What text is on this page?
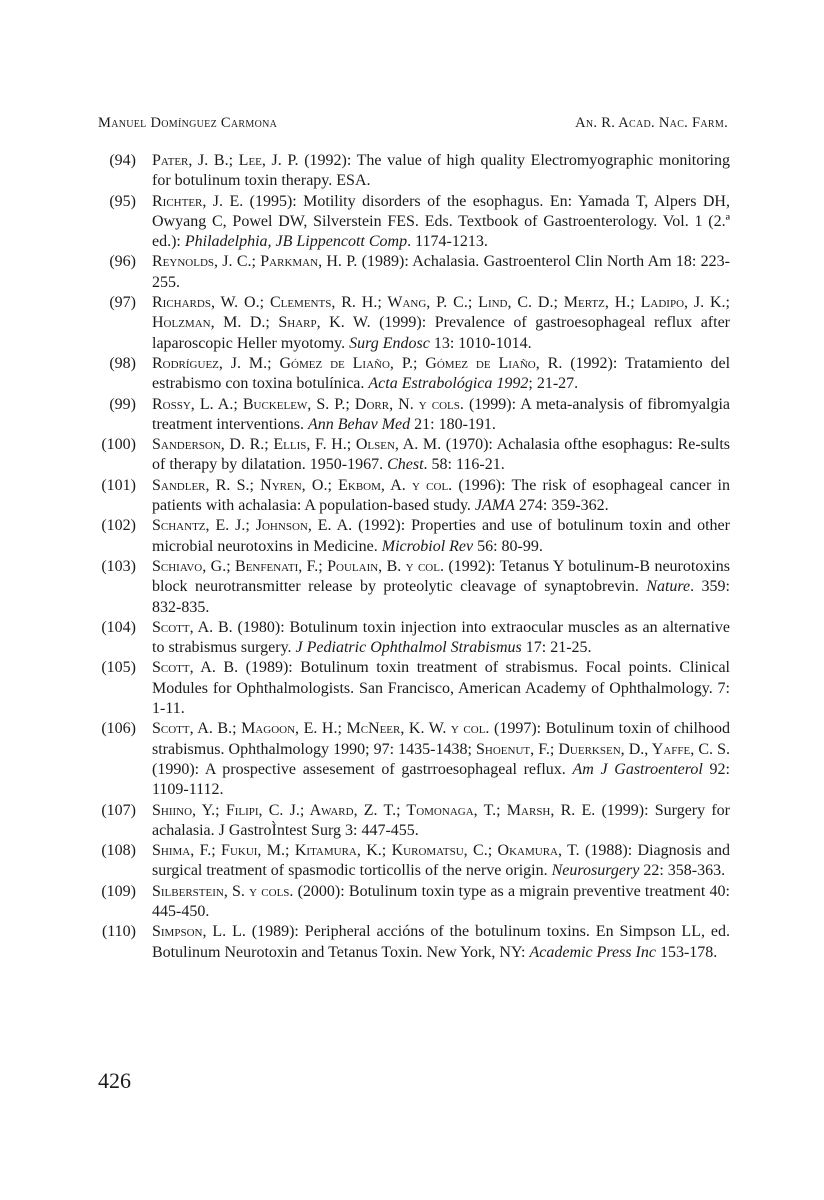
Manuel Domínguez Carmona	An. R. Acad. Nac. Farm.
(94)	Pater, J. B.; Lee, J. P. (1992): The value of high quality Electromyographic monitoring for botulinum toxin therapy. ESA.
(95)	Richter, J. E. (1995): Motility disorders of the esophagus. En: Yamada T, Alpers DH, Owyang C, Powel DW, Silverstein FES. Eds. Textbook of Gastroenterology. Vol. 1 (2.ª ed.): Philadelphia, JB Lippencott Comp. 1174-1213.
(96)	Reynolds, J. C.; Parkman, H. P. (1989): Achalasia. Gastroenterol Clin North Am 18: 223-255.
(97)	Richards, W. O.; Clements, R. H.; Wang, P. C.; Lind, C. D.; Mertz, H.; Ladipo, J. K.; Holzman, M. D.; Sharp, K. W. (1999): Prevalence of gastroesophageal reflux after laparoscopic Heller myotomy. Surg Endosc 13: 1010-1014.
(98)	Rodríguez, J. M.; Gómez de Liaño, P.; Gómez de Liaño, R. (1992): Tratamiento del estrabismo con toxina botulínica. Acta Estrabológica 1992; 21-27.
(99)	Rossy, L. A.; Buckelew, S. P.; Dorr, N. y cols. (1999): A meta-analysis of fibromyalgia treatment interventions. Ann Behav Med 21: 180-191.
(100)	Sanderson, D. R.; Ellis, F. H.; Olsen, A. M. (1970): Achalasia ofthe esophagus: Re-sults of therapy by dilatation. 1950-1967. Chest. 58: 116-21.
(101)	Sandler, R. S.; Nyren, O.; Ekbom, A. y col. (1996): The risk of esophageal cancer in patients with achalasia: A population-based study. JAMA 274: 359-362.
(102)	Schantz, E. J.; Johnson, E. A. (1992): Properties and use of botulinum toxin and other microbial neurotoxins in Medicine. Microbiol Rev 56: 80-99.
(103)	Schiavo, G.; Benfenati, F.; Poulain, B. y col. (1992): Tetanus Y botulinum-B neurotoxins block neurotransmitter release by proteolytic cleavage of synaptobrevin. Nature. 359: 832-835.
(104)	Scott, A. B. (1980): Botulinum toxin injection into extraocular muscles as an alternative to strabismus surgery. J Pediatric Ophthalmol Strabismus 17: 21-25.
(105)	Scott, A. B. (1989): Botulinum toxin treatment of strabismus. Focal points. Clinical Modules for Ophthalmologists. San Francisco, American Academy of Ophthalmology. 7: 1-11.
(106)	Scott, A. B.; Magoon, E. H.; McNeer, K. W. y col. (1997): Botulinum toxin of chilhood strabismus. Ophthalmology 1990; 97: 1435-1438; Shoenut, F.; Duerksen, D., Yaffe, C. S. (1990): A prospective assesement of gastrroesophageal reflux. Am J Gastroenterol 92: 1109-1112.
(107)	Shiino, Y.; Filipi, C. J.; Award, Z. T.; Tomonaga, T.; Marsh, R. E. (1999): Surgery for achalasia. J GastroÌntest Surg 3: 447-455.
(108)	Shima, F.; Fukui, M.; Kitamura, K.; Kuromatsu, C.; Okamura, T. (1988): Diagnosis and surgical treatment of spasmodic torticollis of the nerve origin. Neurosurgery 22: 358-363.
(109)	Silberstein, S. y cols. (2000): Botulinum toxin type as a migrain preventive treatment 40: 445-450.
(110)	Simpson, L. L. (1989): Peripheral accións of the botulinum toxins. En Simpson LL, ed. Botulinum Neurotoxin and Tetanus Toxin. New York, NY: Academic Press Inc 153-178.
426
